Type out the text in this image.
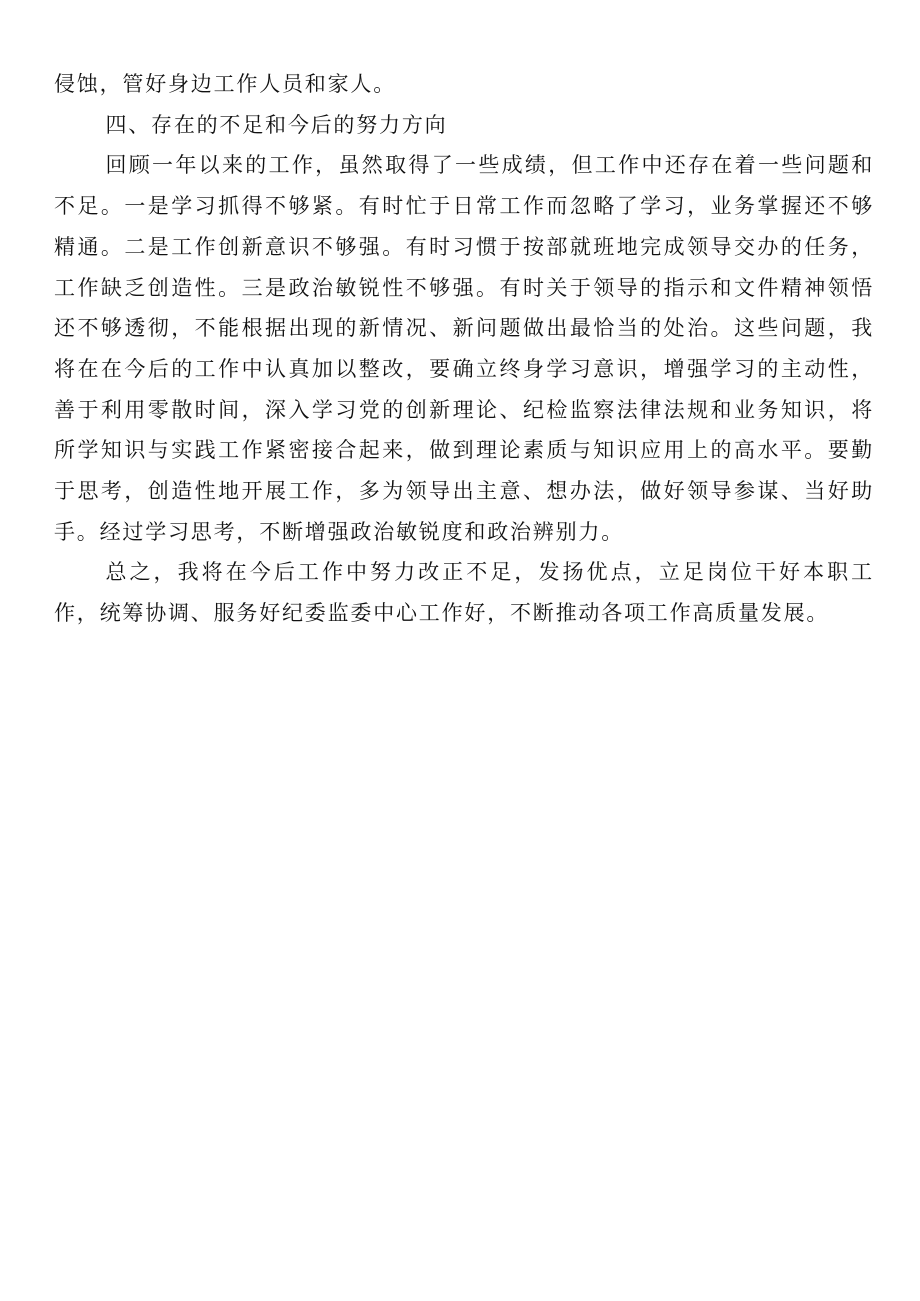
侵蚀，管好身边工作人员和家人。

四、存在的不足和今后的努力方向

回顾一年以来的工作，虽然取得了一些成绩，但工作中还存在着一些问题和不足。一是学习抓得不够紧。有时忙于日常工作而忽略了学习，业务掌握还不够精通。二是工作创新意识不够强。有时习惯于按部就班地完成领导交办的任务，工作缺乏创造性。三是政治敏锐性不够强。有时关于领导的指示和文件精神领悟还不够透彻，不能根据出现的新情况、新问题做出最恰当的处治。这些问题，我将在在今后的工作中认真加以整改，要确立终身学习意识，增强学习的主动性，善于利用零散时间，深入学习党的创新理论、纪检监察法律法规和业务知识，将所学知识与实践工作紧密接合起来，做到理论素质与知识应用上的高水平。要勤于思考，创造性地开展工作，多为领导出主意、想办法，做好领导参谋、当好助手。经过学习思考，不断增强政治敏锐度和政治辨别力。

总之，我将在今后工作中努力改正不足，发扬优点，立足岗位干好本职工作，统筹协调、服务好纪委监委中心工作好，不断推动各项工作高质量发展。
